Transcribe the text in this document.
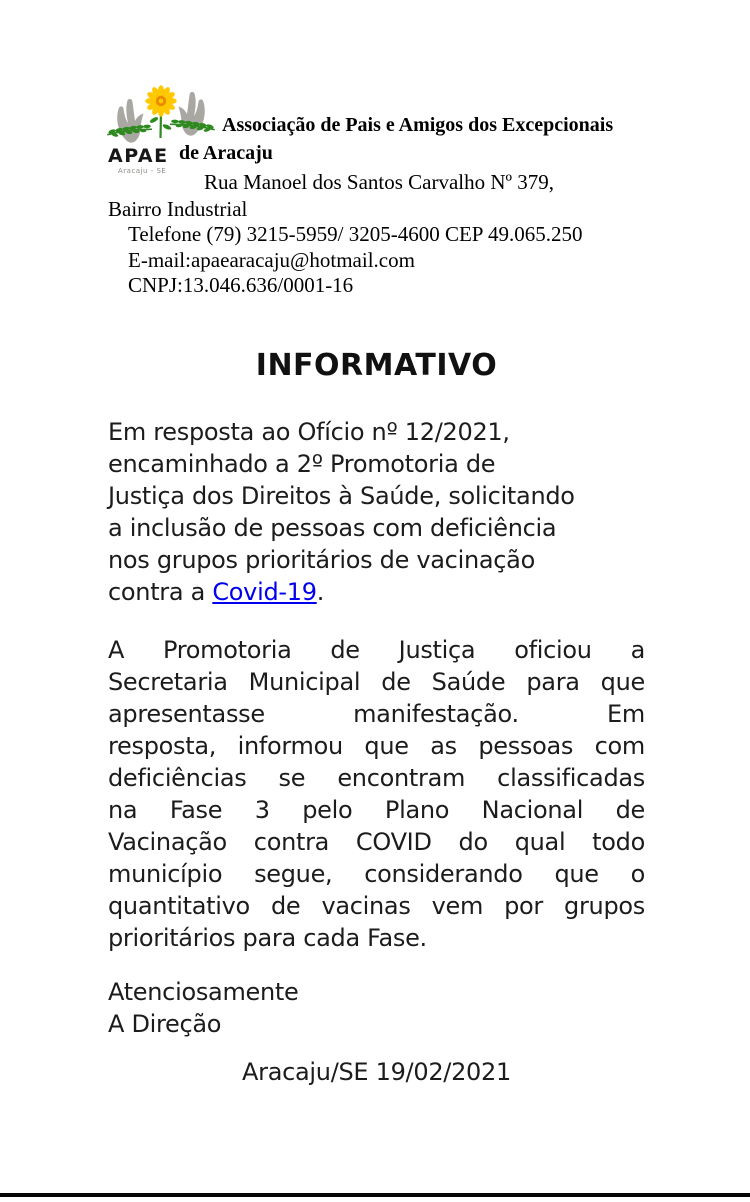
APAE
Aracaju - SE
Associação de Pais e Amigos dos Excepcionais
de Aracaju
Rua Manoel dos Santos Carvalho Nº 379,
Bairro Industrial
Telefone (79) 3215-5959/ 3205-4600 CEP 49.065.250
E-mail:apaearacaju@hotmail.com
CNPJ:13.046.636/0001-16
INFORMATIVO
Em resposta ao Ofício nº 12/2021,
encaminhado a 2º Promotoria de
Justiça dos Direitos à Saúde, solicitando
a inclusão de pessoas com deficiência
nos grupos prioritários de vacinação
contra a Covid-19.
A Promotoria de Justiça oficiou a
Secretaria Municipal de Saúde para que
apresentasse manifestação. Em
resposta, informou que as pessoas com
deficiências se encontram classificadas
na Fase 3 pelo Plano Nacional de
Vacinação contra COVID do qual todo
município segue, considerando que o
quantitativo de vacinas vem por grupos
prioritários para cada Fase.
Atenciosamente
A Direção
Aracaju/SE 19/02/2021
